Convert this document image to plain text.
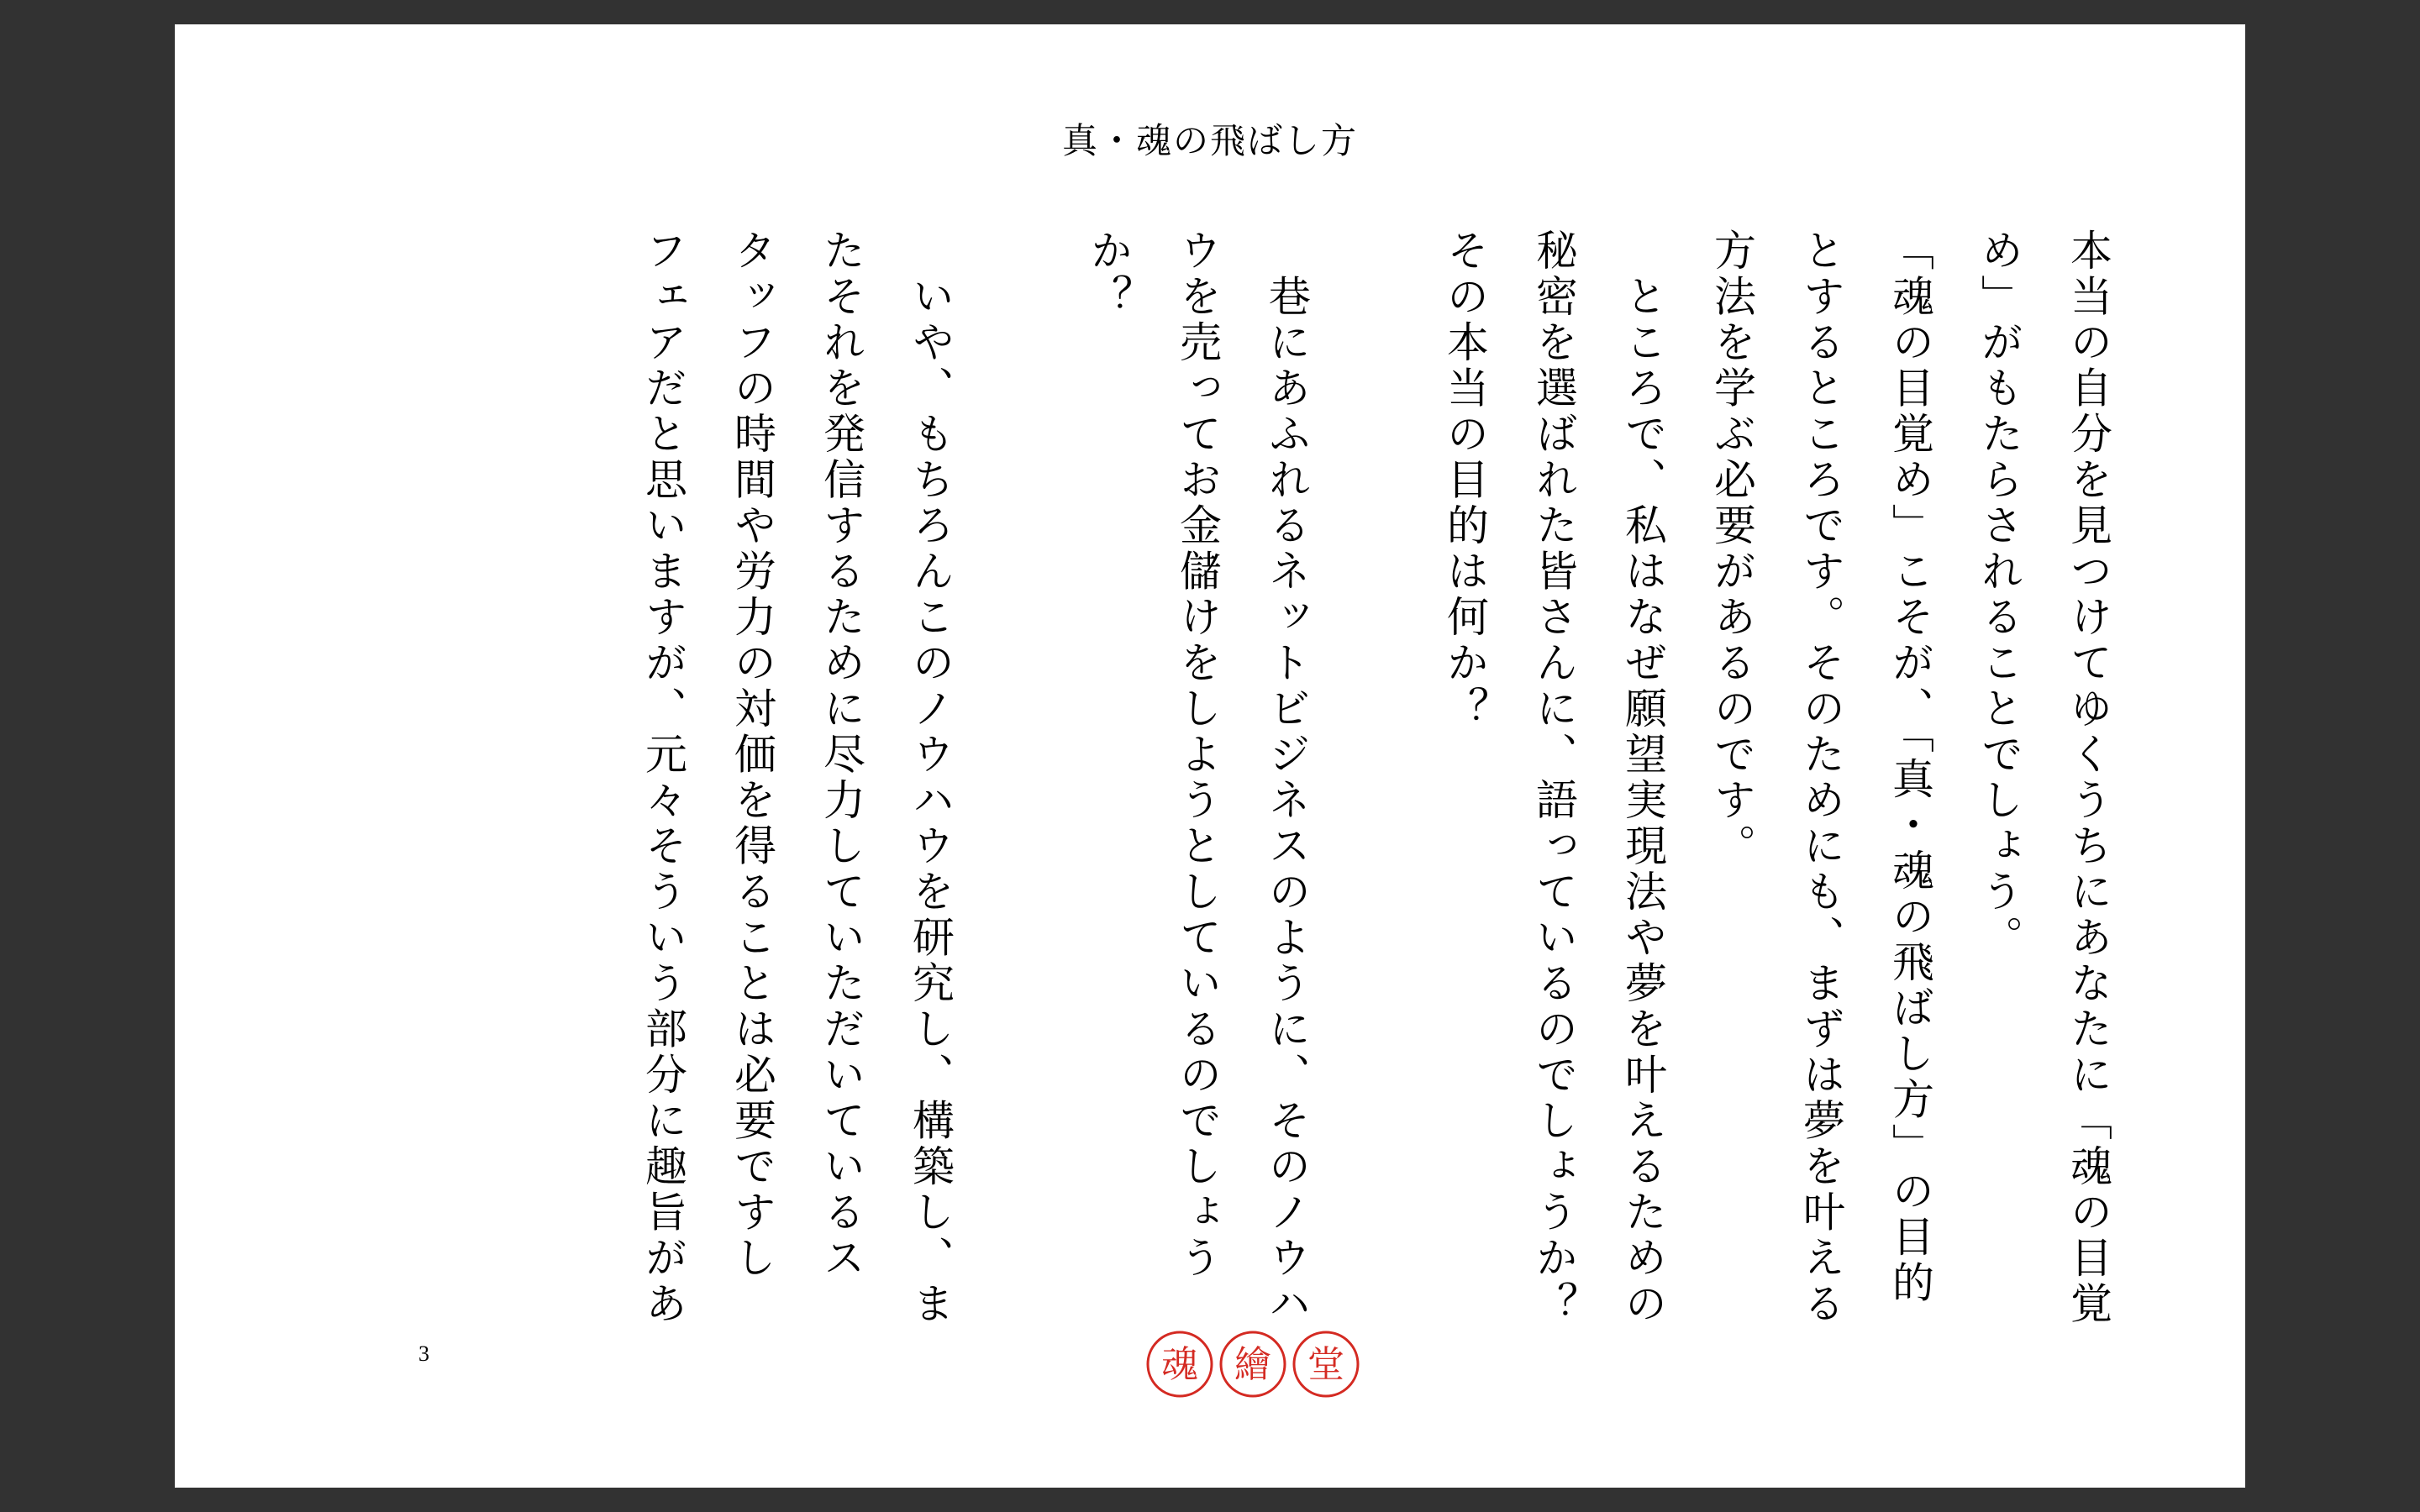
真・魂の飛ばし方

本当の自分を見つけてゆくうちにあなたに「魂の目覚
め」がもたらされることでしょう。

「魂の目覚め」こそが、「真・魂の飛ばし方」の目的
とするところです。そのためにも、まずは夢を叶える
方法を学ぶ必要があるのです。

　ところで、私はなぜ願望実現法や夢を叶えるための
秘密を選ばれた皆さんに、語っているのでしょうか？
その本当の目的は何か？

　巷にあふれるネットビジネスのように、そのノウハ
ウを売ってお金儲けをしようとしているのでしょう
か？

　いや、もちろんこのノウハウを研究し、構築し、ま
たそれを発信するために尽力していただいているス
タッフの時間や労力の対価を得ることは必要ですし
フェアだと思いますが、元々そういう部分に趣旨があ

3	魂 繪 堂
